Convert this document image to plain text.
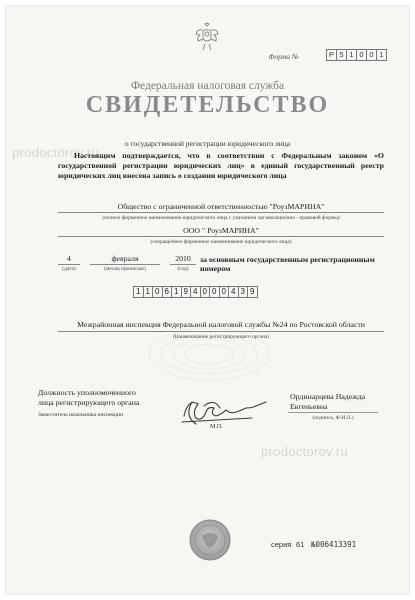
Форма №	Р 5 1 0 0 1
Федеральная налоговая служба
СВИДЕТЕЛЬСТВО
prodoctorov.ru
о государственной регистрации юридического лица
Настоящим подтверждается, что в соответствии с Федеральным законом «О государственной регистрации юридических лиц» в единый государственный реестр юридических лиц внесена запись о создании юридического лица
Общество с ограниченной ответственностью "РоузМАРИНА"
(полное фирменное наименование юридического лица с указанием организационно - правовой формы)
ООО " РоузМАРИНА"
(сокращённое фирменное наименование юридического лица)
4
(дата)
февраля
(месяц прописью)
2010
(год)
за основным государственным регистрационным номером
1 1 0 6 1 9 4 0 0 0 4 3 9
Межрайонная инспекция Федеральной налоговой службы №24 по Ростовской области
(Наименование регистрирующего органа)
Должность уполномоченного
лица регистрирующего органа
Заместитель начальника инспекции
М.П.
Ординарцева Надежда
Евгеньевна
(подпись, Ф.И.О.)
prodoctorov.ru
серия 61 №006413391
